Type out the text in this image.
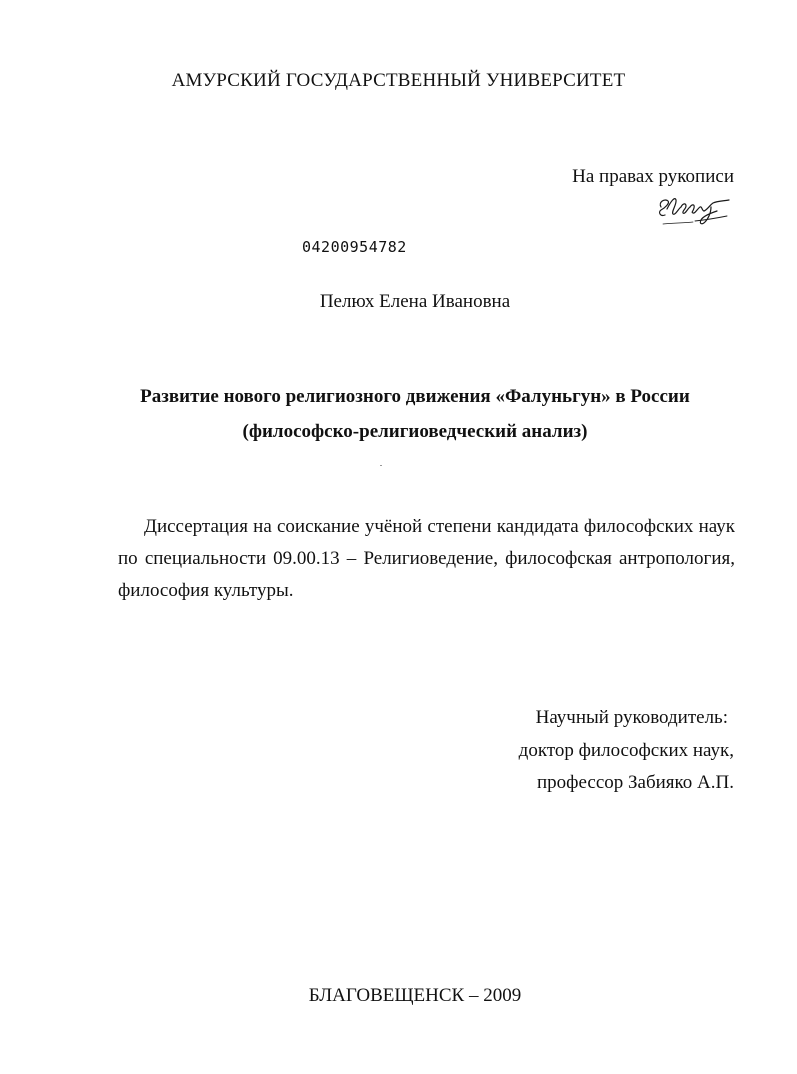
АМУРСКИЙ ГОСУДАРСТВЕННЫЙ УНИВЕРСИТЕТ
На правах рукописи
04200954782
Пелюх Елена Ивановна
Развитие нового религиозного движения «Фалуньгун» в России
(философско-религиоведческий анализ)

Диссертация на соискание учёной степени кандидата философских наук по специальности 09.00.13 – Религиоведение, философская антропология, философия культуры.

Научный руководитель:
доктор философских наук,
профессор Забияко А.П.
БЛАГОВЕЩЕНСК – 2009
